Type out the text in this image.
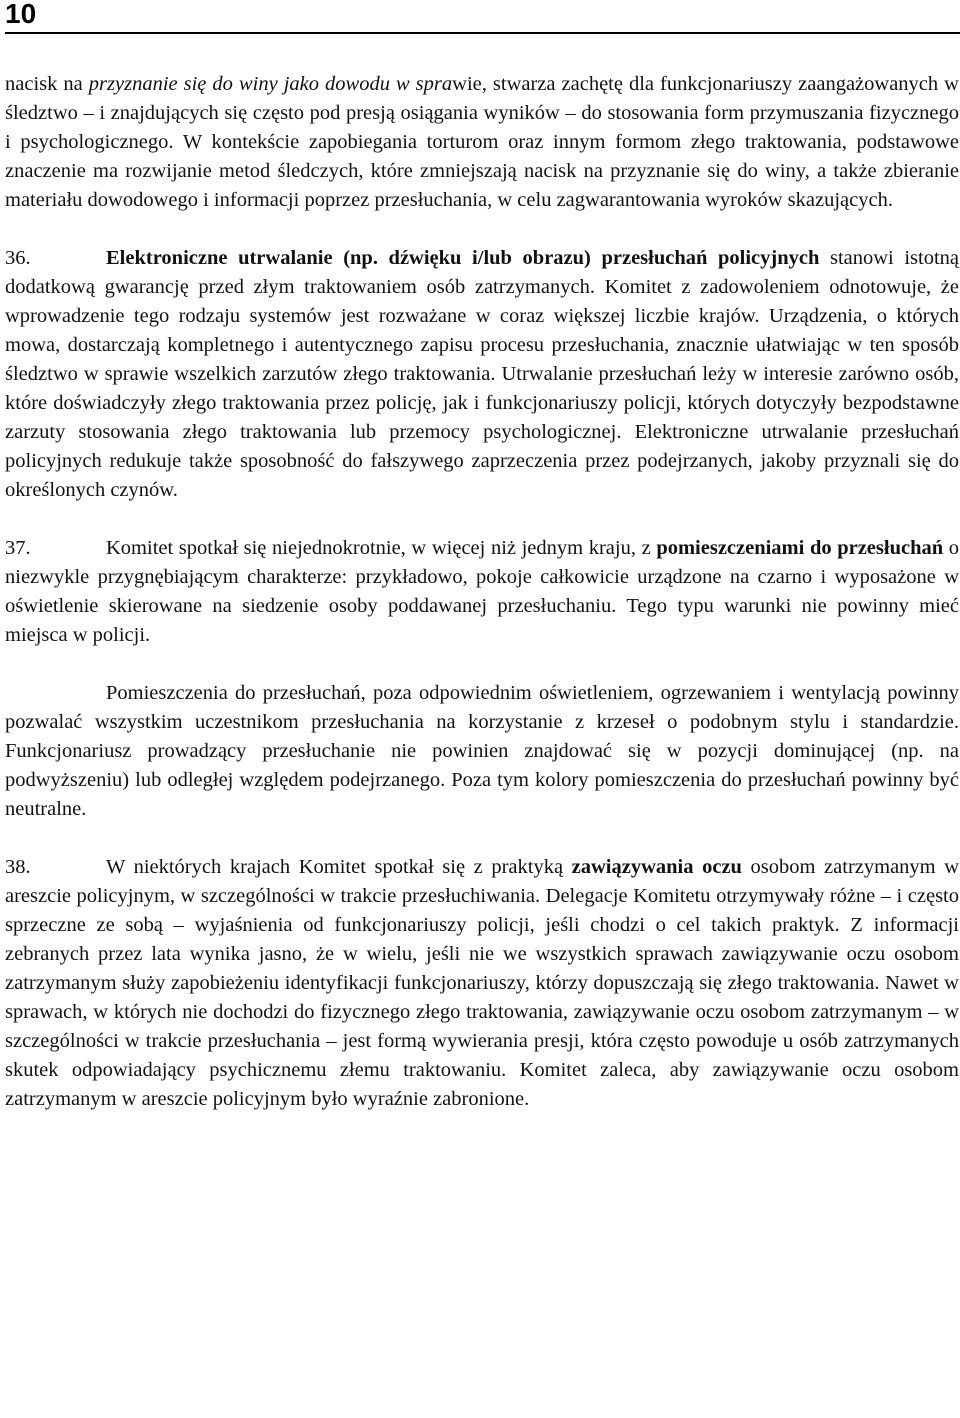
10

nacisk na przyznanie się do winy jako dowodu w sprawie, stwarza zachętę dla funkcjonariuszy zaangażowanych w śledztwo – i znajdujących się często pod presją osiągania wyników – do stosowania form przymuszania fizycznego i psychologicznego. W kontekście zapobiegania torturom oraz innym formom złego traktowania, podstawowe znaczenie ma rozwijanie metod śledczych, które zmniejszają nacisk na przyznanie się do winy, a także zbieranie materiału dowodowego i informacji poprzez przesłuchania, w celu zagwarantowania wyroków skazujących.

36.	Elektroniczne utrwalanie (np. dźwięku i/lub obrazu) przesłuchań policyjnych stanowi istotną dodatkową gwarancję przed złym traktowaniem osób zatrzymanych. Komitet z zadowoleniem odnotowuje, że wprowadzenie tego rodzaju systemów jest rozważane w coraz większej liczbie krajów. Urządzenia, o których mowa, dostarczają kompletnego i autentycznego zapisu procesu przesłuchania, znacznie ułatwiając w ten sposób śledztwo w sprawie wszelkich zarzutów złego traktowania. Utrwalanie przesłuchań leży w interesie zarówno osób, które doświadczyły złego traktowania przez policję, jak i funkcjonariuszy policji, których dotyczyły bezpodstawne zarzuty stosowania złego traktowania lub przemocy psychologicznej. Elektroniczne utrwalanie przesłuchań policyjnych redukuje także sposobność do fałszywego zaprzeczenia przez podejrzanych, jakoby przyznali się do określonych czynów.

37.	Komitet spotkał się niejednokrotnie, w więcej niż jednym kraju, z pomieszczeniami do przesłuchań o niezwykle przygnębiającym charakterze: przykładowo, pokoje całkowicie urządzone na czarno i wyposażone w oświetlenie skierowane na siedzenie osoby poddawanej przesłuchaniu. Tego typu warunki nie powinny mieć miejsca w policji.

Pomieszczenia do przesłuchań, poza odpowiednim oświetleniem, ogrzewaniem i wentylacją powinny pozwalać wszystkim uczestnikom przesłuchania na korzystanie z krzeseł o podobnym stylu i standardzie. Funkcjonariusz prowadzący przesłuchanie nie powinien znajdować się w pozycji dominującej (np. na podwyższeniu) lub odległej względem podejrzanego. Poza tym kolory pomieszczenia do przesłuchań powinny być neutralne.

38.	W niektórych krajach Komitet spotkał się z praktyką zawiązywania oczu osobom zatrzymanym w areszcie policyjnym, w szczególności w trakcie przesłuchiwania. Delegacje Komitetu otrzymywały różne – i często sprzeczne ze sobą – wyjaśnienia od funkcjonariuszy policji, jeśli chodzi o cel takich praktyk. Z informacji zebranych przez lata wynika jasno, że w wielu, jeśli nie we wszystkich sprawach zawiązywanie oczu osobom zatrzymanym służy zapobieżeniu identyfikacji funkcjonariuszy, którzy dopuszczają się złego traktowania. Nawet w sprawach, w których nie dochodzi do fizycznego złego traktowania, zawiązywanie oczu osobom zatrzymanym – w szczególności w trakcie przesłuchania – jest formą wywierania presji, która często powoduje u osób zatrzymanych skutek odpowiadający psychicznemu złemu traktowaniu. Komitet zaleca, aby zawiązywanie oczu osobom zatrzymanym w areszcie policyjnym było wyraźnie zabronione.
